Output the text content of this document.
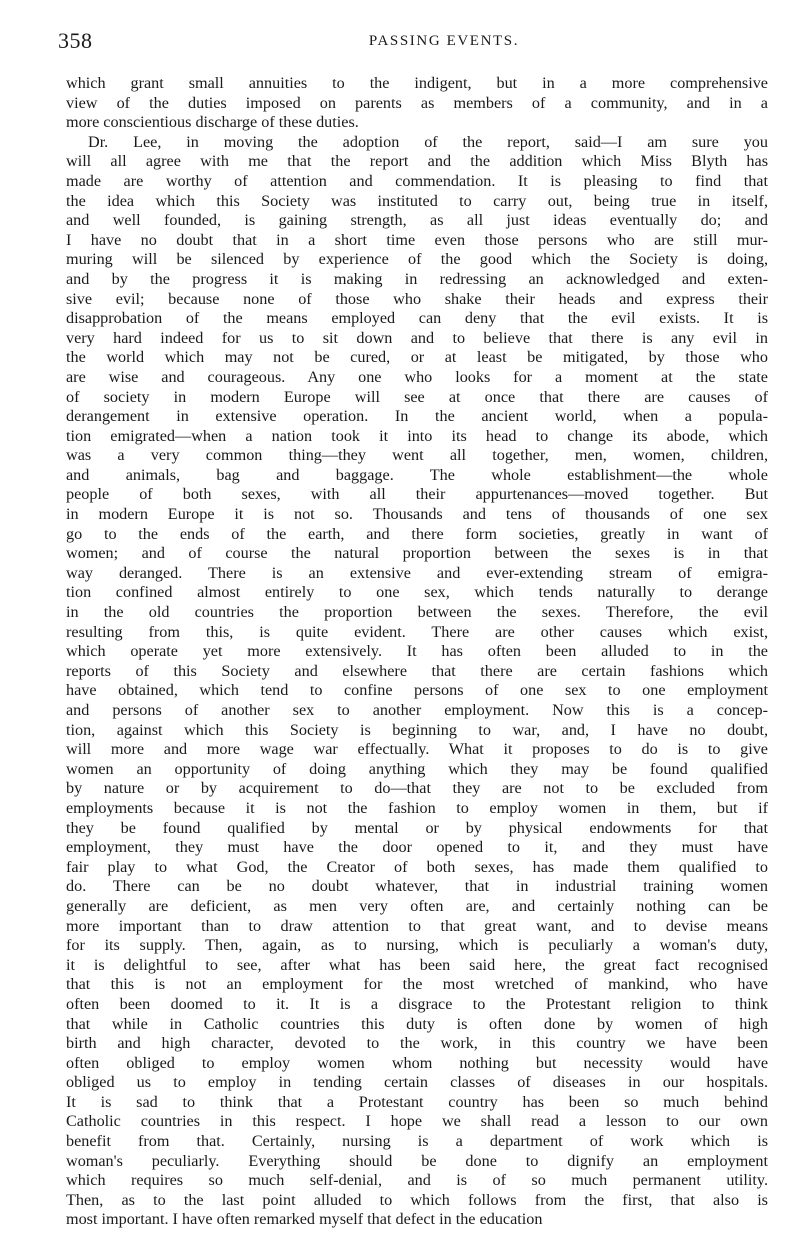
358	PASSING EVENTS.
which grant small annuities to the indigent, but in a more comprehensive
view of the duties imposed on parents as members of a community, and in a
more conscientious discharge of these duties.
Dr. Lee, in moving the adoption of the report, said—I am sure you
will all agree with me that the report and the addition which Miss Blyth has
made are worthy of attention and commendation. It is pleasing to find that
the idea which this Society was instituted to carry out, being true in itself,
and well founded, is gaining strength, as all just ideas eventually do; and
I have no doubt that in a short time even those persons who are still mur-
muring will be silenced by experience of the good which the Society is doing,
and by the progress it is making in redressing an acknowledged and exten-
sive evil; because none of those who shake their heads and express their
disapprobation of the means employed can deny that the evil exists. It is
very hard indeed for us to sit down and to believe that there is any evil in
the world which may not be cured, or at least be mitigated, by those who
are wise and courageous. Any one who looks for a moment at the state
of society in modern Europe will see at once that there are causes of
derangement in extensive operation. In the ancient world, when a popula-
tion emigrated—when a nation took it into its head to change its abode, which
was a very common thing—they went all together, men, women, children,
and animals, bag and baggage. The whole establishment—the whole
people of both sexes, with all their appurtenances—moved together. But
in modern Europe it is not so. Thousands and tens of thousands of one sex
go to the ends of the earth, and there form societies, greatly in want of
women; and of course the natural proportion between the sexes is in that
way deranged. There is an extensive and ever-extending stream of emigra-
tion confined almost entirely to one sex, which tends naturally to derange
in the old countries the proportion between the sexes. Therefore, the evil
resulting from this, is quite evident. There are other causes which exist,
which operate yet more extensively. It has often been alluded to in the
reports of this Society and elsewhere that there are certain fashions which
have obtained, which tend to confine persons of one sex to one employment
and persons of another sex to another employment. Now this is a concep-
tion, against which this Society is beginning to war, and, I have no doubt,
will more and more wage war effectually. What it proposes to do is to give
women an opportunity of doing anything which they may be found qualified
by nature or by acquirement to do—that they are not to be excluded from
employments because it is not the fashion to employ women in them, but if
they be found qualified by mental or by physical endowments for that
employment, they must have the door opened to it, and they must have
fair play to what God, the Creator of both sexes, has made them qualified to
do. There can be no doubt whatever, that in industrial training women
generally are deficient, as men very often are, and certainly nothing can be
more important than to draw attention to that great want, and to devise means
for its supply. Then, again, as to nursing, which is peculiarly a woman's duty,
it is delightful to see, after what has been said here, the great fact recognised
that this is not an employment for the most wretched of mankind, who have
often been doomed to it. It is a disgrace to the Protestant religion to think
that while in Catholic countries this duty is often done by women of high
birth and high character, devoted to the work, in this country we have been
often obliged to employ women whom nothing but necessity would have
obliged us to employ in tending certain classes of diseases in our hospitals.
It is sad to think that a Protestant country has been so much behind
Catholic countries in this respect. I hope we shall read a lesson to our own
benefit from that. Certainly, nursing is a department of work which is
woman's peculiarly. Everything should be done to dignify an employment
which requires so much self-denial, and is of so much permanent utility.
Then, as to the last point alluded to which follows from the first, that also is
most important. I have often remarked myself that defect in the education
